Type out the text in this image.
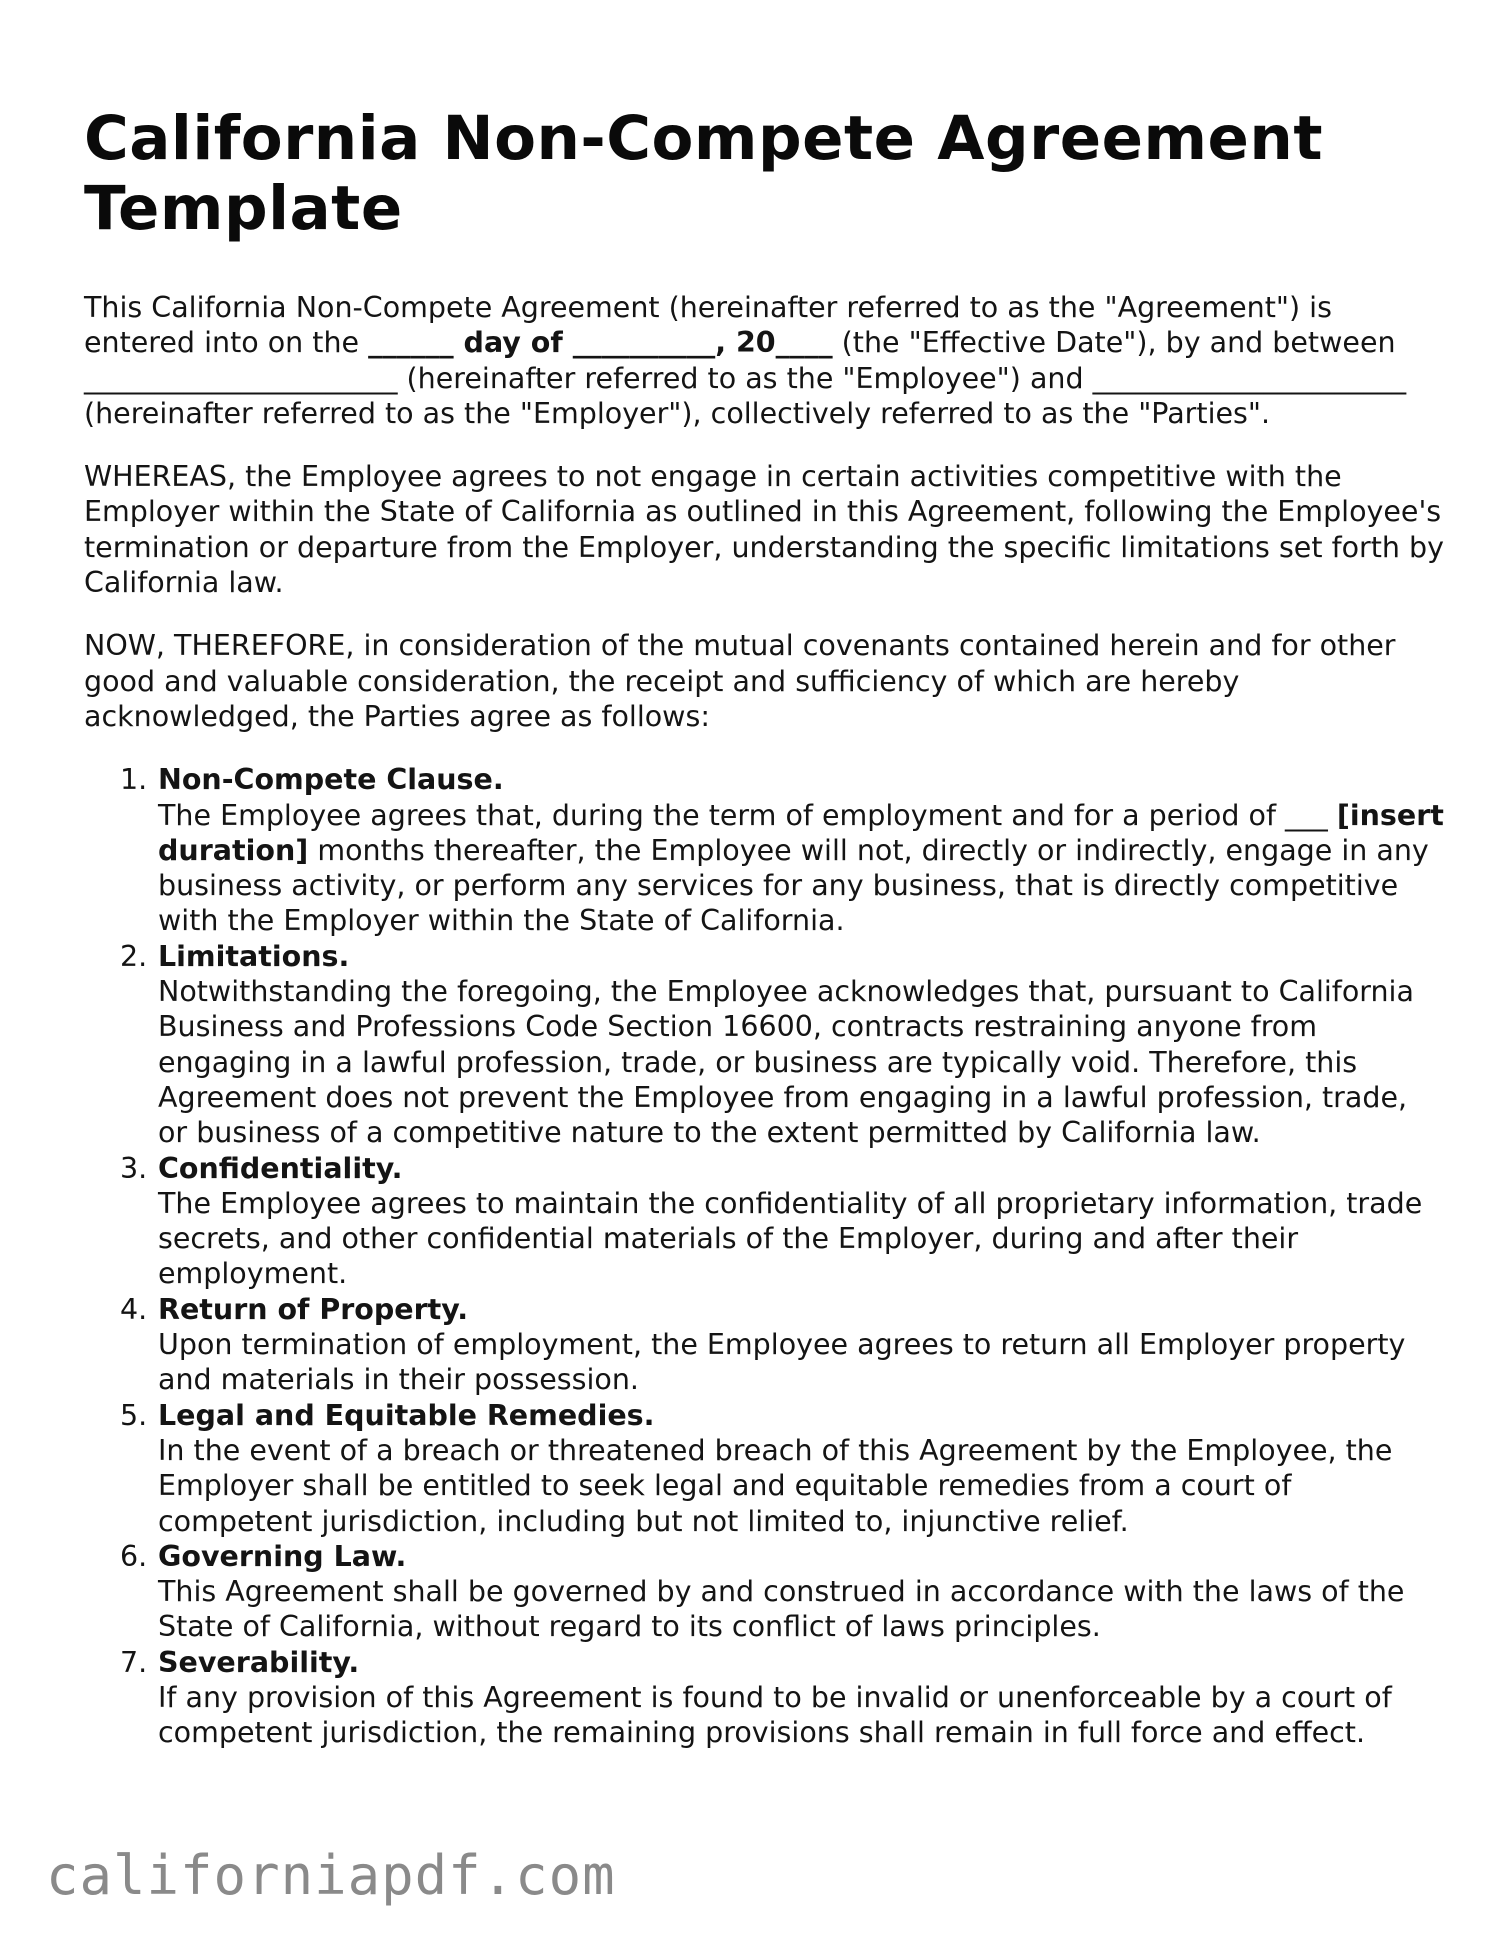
California Non-Compete Agreement Template

This California Non-Compete Agreement (hereinafter referred to as the "Agreement") is entered into on the ______ day of __________, 20____ (the "Effective Date"), by and between ______________________ (hereinafter referred to as the "Employee") and ______________________ (hereinafter referred to as the "Employer"), collectively referred to as the "Parties".

WHEREAS, the Employee agrees to not engage in certain activities competitive with the Employer within the State of California as outlined in this Agreement, following the Employee's termination or departure from the Employer, understanding the specific limitations set forth by California law.

NOW, THEREFORE, in consideration of the mutual covenants contained herein and for other good and valuable consideration, the receipt and sufficiency of which are hereby acknowledged, the Parties agree as follows:

1. Non-Compete Clause.
The Employee agrees that, during the term of employment and for a period of ___ [insert duration] months thereafter, the Employee will not, directly or indirectly, engage in any business activity, or perform any services for any business, that is directly competitive with the Employer within the State of California.
2. Limitations.
Notwithstanding the foregoing, the Employee acknowledges that, pursuant to California Business and Professions Code Section 16600, contracts restraining anyone from engaging in a lawful profession, trade, or business are typically void. Therefore, this Agreement does not prevent the Employee from engaging in a lawful profession, trade, or business of a competitive nature to the extent permitted by California law.
3. Confidentiality.
The Employee agrees to maintain the confidentiality of all proprietary information, trade secrets, and other confidential materials of the Employer, during and after their employment.
4. Return of Property.
Upon termination of employment, the Employee agrees to return all Employer property and materials in their possession.
5. Legal and Equitable Remedies.
In the event of a breach or threatened breach of this Agreement by the Employee, the Employer shall be entitled to seek legal and equitable remedies from a court of competent jurisdiction, including but not limited to, injunctive relief.
6. Governing Law.
This Agreement shall be governed by and construed in accordance with the laws of the State of California, without regard to its conflict of laws principles.
7. Severability.
If any provision of this Agreement is found to be invalid or unenforceable by a court of competent jurisdiction, the remaining provisions shall remain in full force and effect.
californiapdf.com
